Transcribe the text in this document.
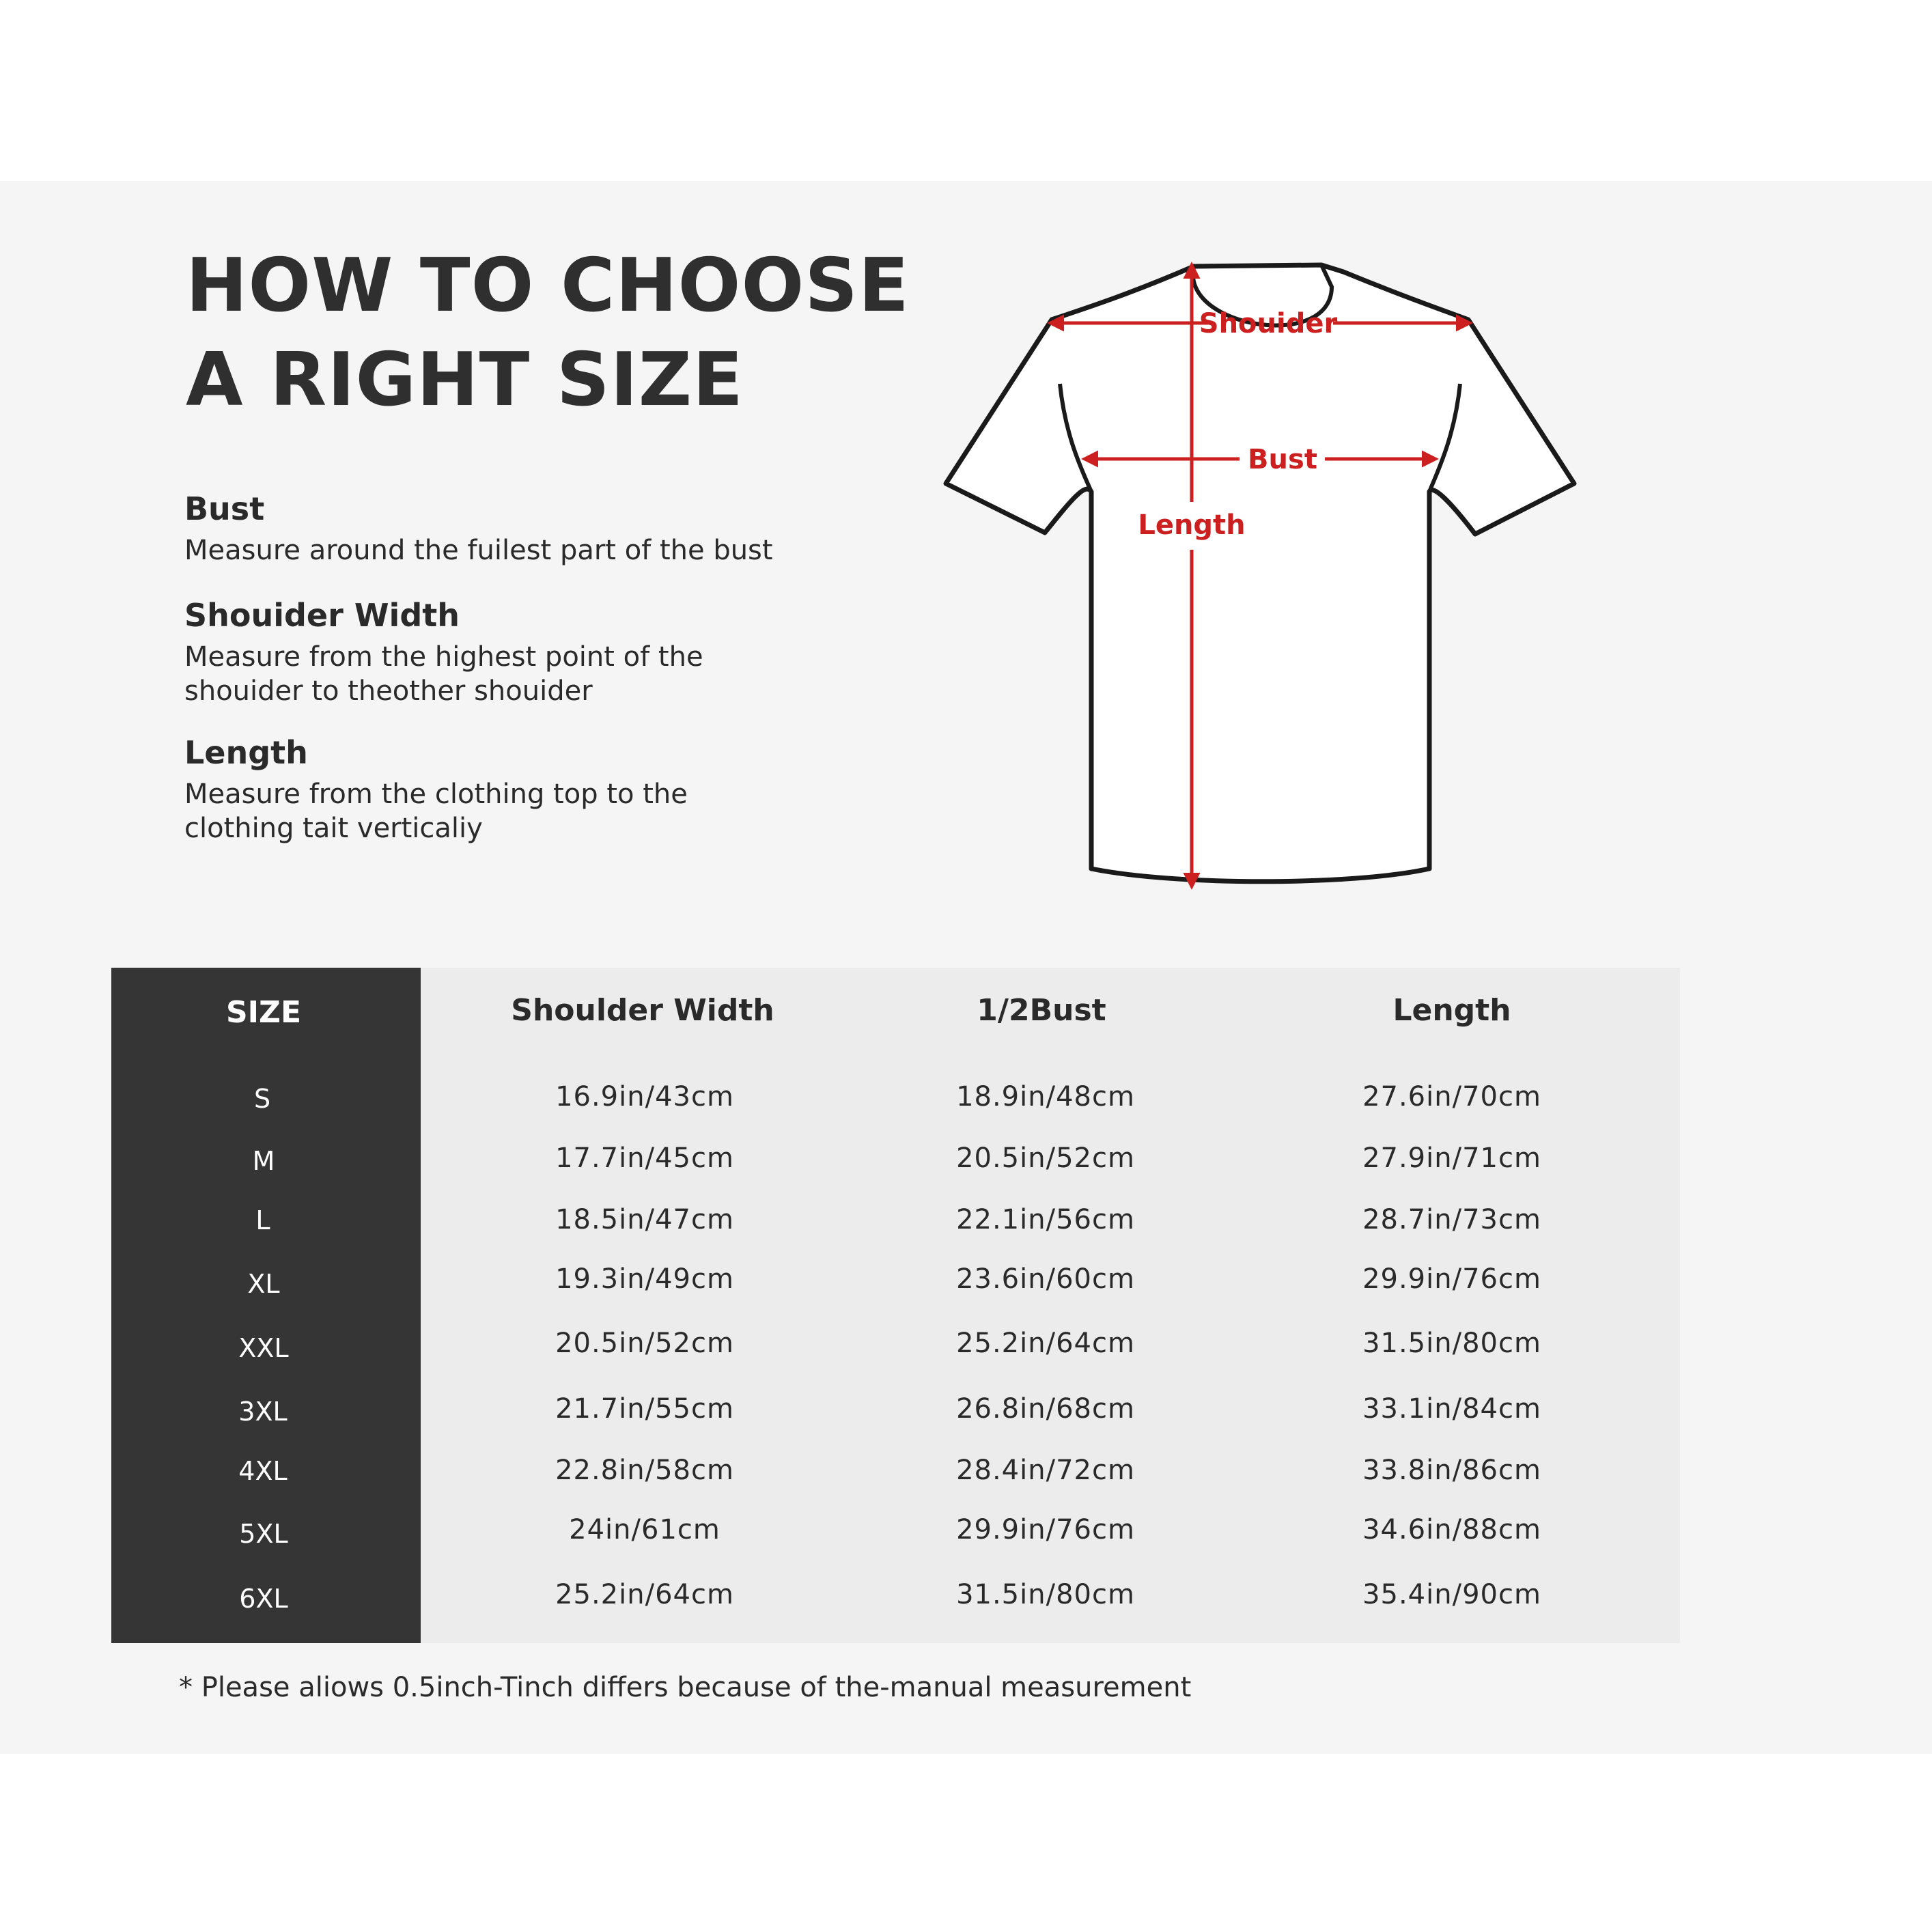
HOW TO CHOOSE
A RIGHT SIZE
Bust

Measure around the fuilest part of the bust

Shouider Width

Measure from the highest point of the
shouider to theother shouider

Length

Measure from the clothing top to the
clothing tait verticaliy

Shouider
Bust
Length
SIZE	Shoulder Width	1/2Bust	Length
S	16.9in/43cm	18.9in/48cm	27.6in/70cm
M	17.7in/45cm	20.5in/52cm	27.9in/71cm
L	18.5in/47cm	22.1in/56cm	28.7in/73cm
XL	19.3in/49cm	23.6in/60cm	29.9in/76cm
XXL	20.5in/52cm	25.2in/64cm	31.5in/80cm
3XL	21.7in/55cm	26.8in/68cm	33.1in/84cm
4XL	22.8in/58cm	28.4in/72cm	33.8in/86cm
5XL	24in/61cm	29.9in/76cm	34.6in/88cm
6XL	25.2in/64cm	31.5in/80cm	35.4in/90cm
* Please aliows 0.5inch-Tinch differs because of the-manual measurement
